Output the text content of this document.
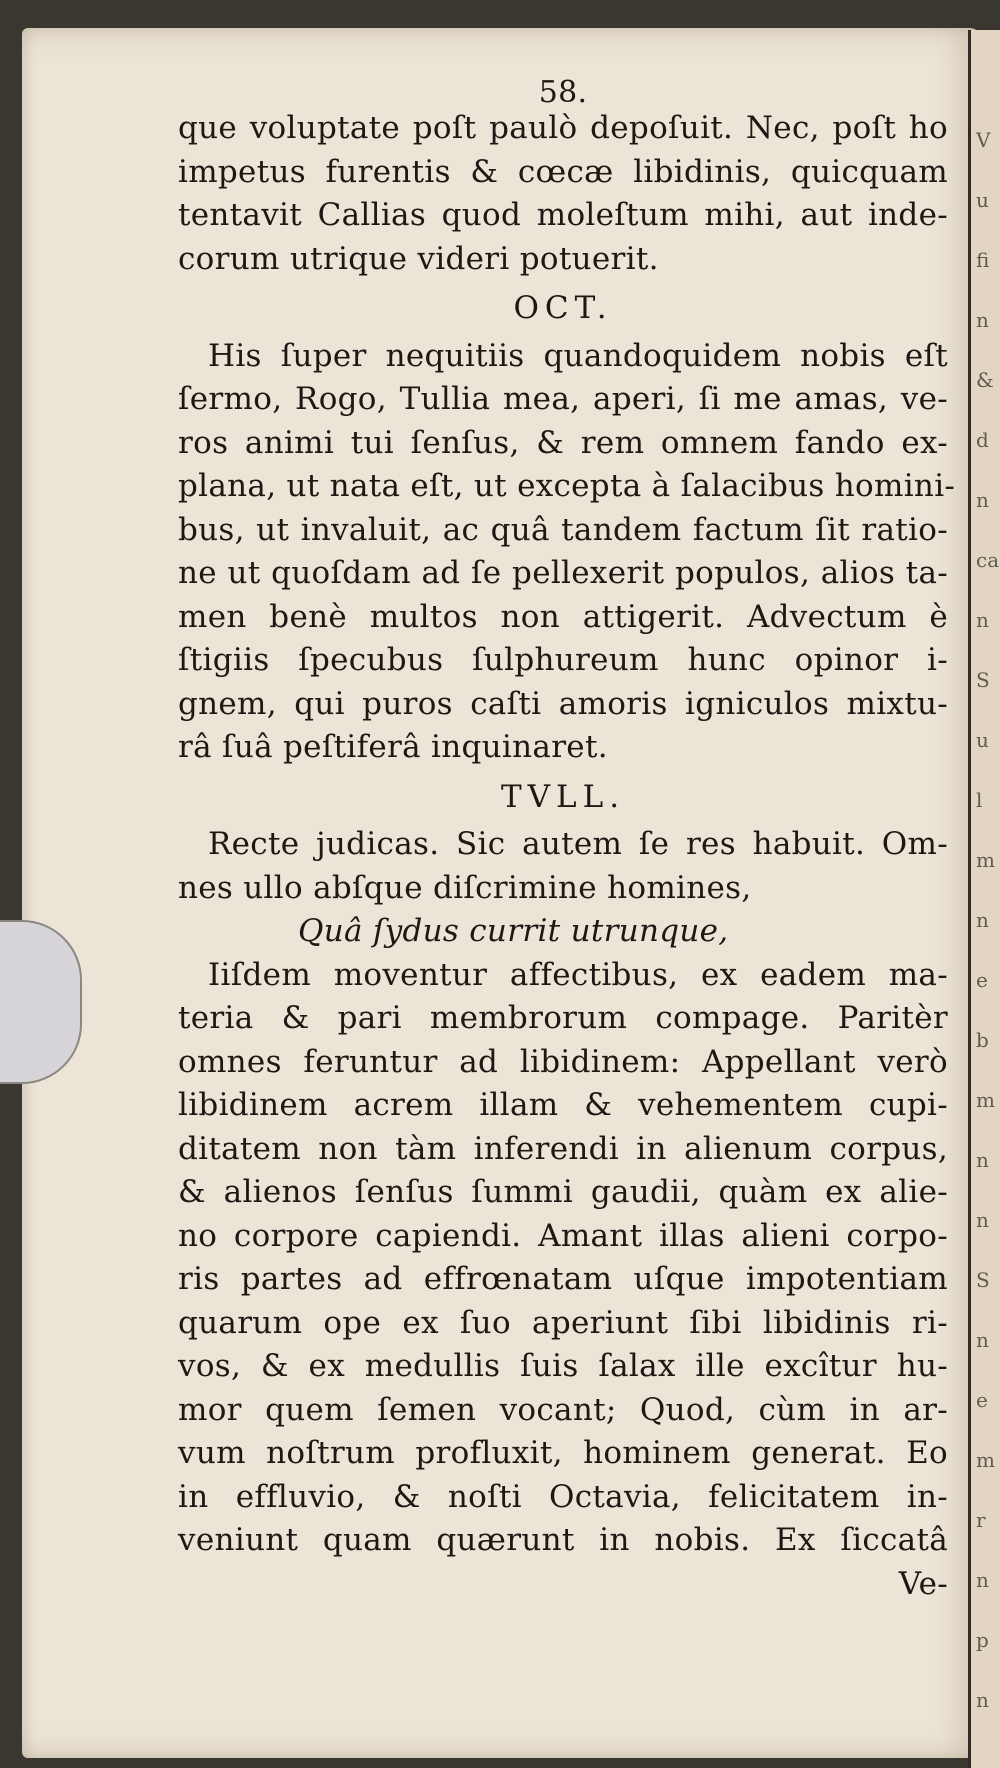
V
u
fi
n
&
d
n
ca
n
S
u
l
m
n
e
b
m
n
n
S
n
e
m
r
n
p
n
58.
que voluptate poſt paulò depoſuit. Nec, poſt ho
impetus furentis & cœcæ libidinis, quicquam
tentavit Callias quod moleſtum mihi, aut inde-
corum utrique videri potuerit.
OCT.
His ſuper nequitiis quandoquidem nobis eſt
ſermo, Rogo, Tullia mea, aperi, ſi me amas, ve-
ros animi tui ſenſus, & rem omnem fando ex-
plana, ut nata eſt, ut excepta à ſalacibus homini-
bus, ut invaluit, ac quâ tandem factum ſit ratio-
ne ut quoſdam ad ſe pellexerit populos, alios ta-
men benè multos non attigerit. Advectum è
ſtigiis ſpecubus ſulphureum hunc opinor i-
gnem, qui puros caſti amoris igniculos mixtu-
râ ſuâ peſtiferâ inquinaret.
TVLL.
Recte judicas. Sic autem ſe res habuit. Om-
nes ullo abſque diſcrimine homines,
Quâ ſydus currit utrunque,
Iiſdem moventur affectibus, ex eadem ma-
teria & pari membrorum compage. Paritèr
omnes feruntur ad libidinem: Appellant verò
libidinem acrem illam & vehementem cupi-
ditatem non tàm inferendi in alienum corpus,
& alienos ſenſus ſummi gaudii, quàm ex alie-
no corpore capiendi. Amant illas alieni corpo-
ris partes ad effrœnatam uſque impotentiam
quarum ope ex ſuo aperiunt ſibi libidinis ri-
vos, & ex medullis ſuis ſalax ille excîtur hu-
mor quem ſemen vocant; Quod, cùm in ar-
vum noſtrum profluxit, hominem generat. Eo
in effluvio, & noſti Octavia, felicitatem in-
veniunt quam quærunt in nobis. Ex ſiccatâ
Ve-
